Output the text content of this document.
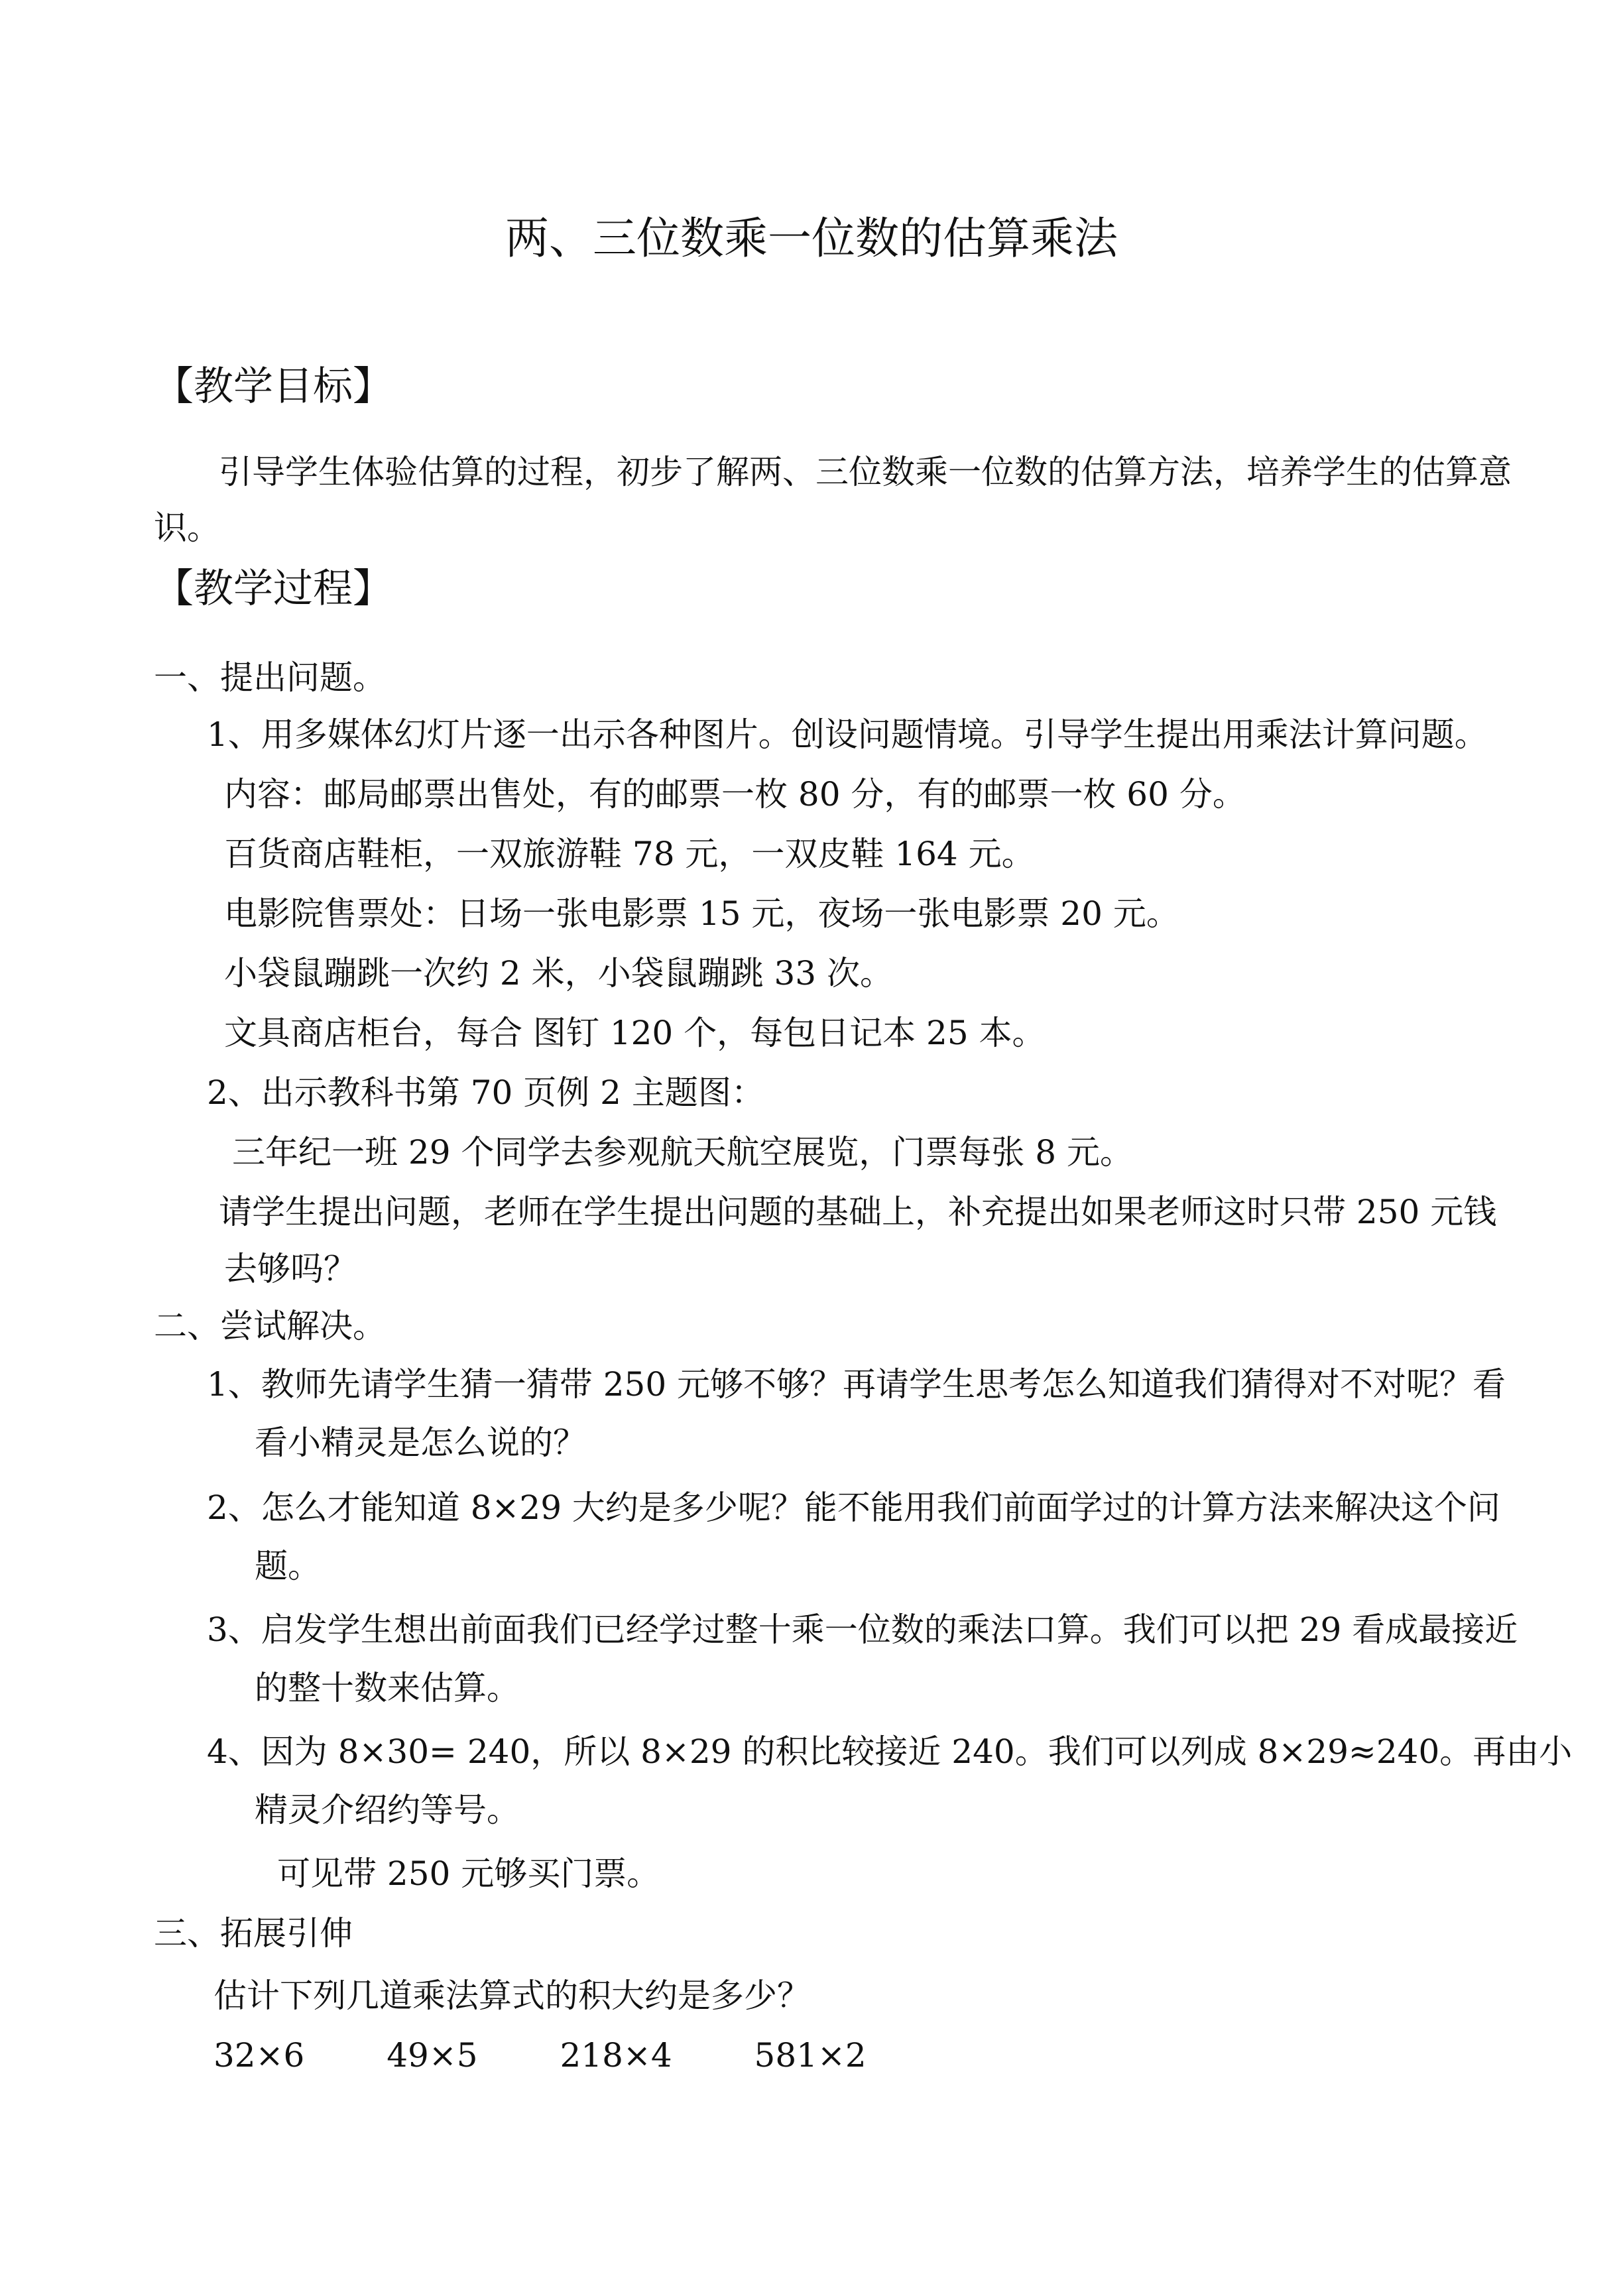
两、三位数乘一位数的估算乘法
【教学目标】
引导学生体验估算的过程，初步了解两、三位数乘一位数的估算方法，培养学生的估算意
识。
【教学过程】
一、提出问题。
1、用多媒体幻灯片逐一出示各种图片。创设问题情境。引导学生提出用乘法计算问题。
内容：邮局邮票出售处，有的邮票一枚 80 分，有的邮票一枚 60 分。
百货商店鞋柜，一双旅游鞋 78 元，一双皮鞋 164 元。
电影院售票处：日场一张电影票 15 元，夜场一张电影票 20 元。
小袋鼠蹦跳一次约 2 米，小袋鼠蹦跳 33 次。
文具商店柜台，每合 图钉 120 个，每包日记本 25 本。
2、出示教科书第 70 页例 2 主题图：
三年纪一班 29 个同学去参观航天航空展览，门票每张 8 元。
请学生提出问题，老师在学生提出问题的基础上，补充提出如果老师这时只带 250 元钱
去够吗？
二、尝试解决。
1、教师先请学生猜一猜带 250 元够不够？再请学生思考怎么知道我们猜得对不对呢？看
看小精灵是怎么说的？
2、怎么才能知道 8×29 大约是多少呢？能不能用我们前面学过的计算方法来解决这个问
题。
3、启发学生想出前面我们已经学过整十乘一位数的乘法口算。我们可以把 29 看成最接近
的整十数来估算。
4、因为 8×30= 240，所以 8×29 的积比较接近 240。我们可以列成 8×29≈240。再由小
精灵介绍约等号。
可见带 250 元够买门票。
三、拓展引伸
估计下列几道乘法算式的积大约是多少？
32×6 49×5 218×4 581×2
